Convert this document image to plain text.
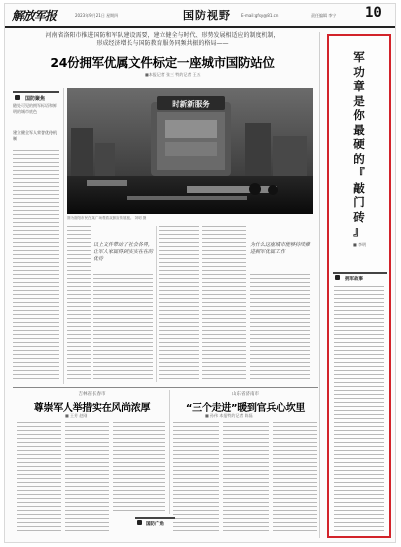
解放军报	2023年9月21日 星期四	国防视野	E-mail:gfsy@81.cn	责任编辑 李宁 10
河南省洛阳市推进国防和军队建设需要，建立健全与时代、形势发展相适应的制度机制，
形成经济增长与国防教育服务同频共振的格局——
24份拥军优属文件标定一座城市国防站位
■本报记者 张三 特约记者 王五
国防聚焦
随处可见的拥军标语和鲜明的城市底色
建立健全军人荣誉优待机制
时新新服务
图为洛阳市民在某广场观看双拥宣传展板。 刘明 摄
以上文件带动了社会各界，让军人家属得到实实在在的优待
为什么这座城市能够持续推进拥军优属工作
军
功
章
是
你
最
硬
的
『
敲
门
砖
』
■ 李明
拥军故事
吉林省长春市
尊崇军人举措实在风尚浓厚
■ 王芳 赵刚
山东省济南市
“三个走进”暖到官兵心坎里
■ 孙伟 本报特约记者 陈磊
国防广角
